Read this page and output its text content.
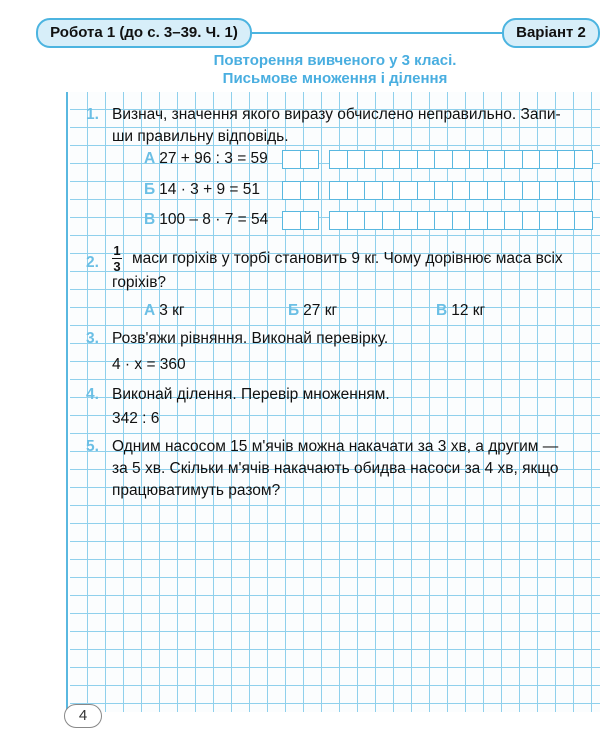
Робота 1 (до с. 3–39. Ч. 1)	Варіант 2
Повторення вивченого у 3 класі.
Письмове множення і ділення
1. Визнач, значення якого виразу обчислено неправильно. Запи-
ши правильну відповідь.
А 27 + 96 : 3 = 59
Б 14 · 3 + 9 = 51
В 100 – 8 · 7 = 54
2.
1
3 маси горіхів у торбі становить 9 кг. Чому дорівнює маса всіх
горіхів?
А 3 кг	Б 27 кг	В 12 кг
3. Розв'яжи рівняння. Виконай перевірку.
4 · x = 360
4. Виконай ділення. Перевір множенням.
342 : 6
5. Одним насосом 15 м'ячів можна накачати за 3 хв, а другим —
за 5 хв. Скільки м'ячів накачають обидва насоси за 4 хв, якщо
працюватимуть разом?
4
